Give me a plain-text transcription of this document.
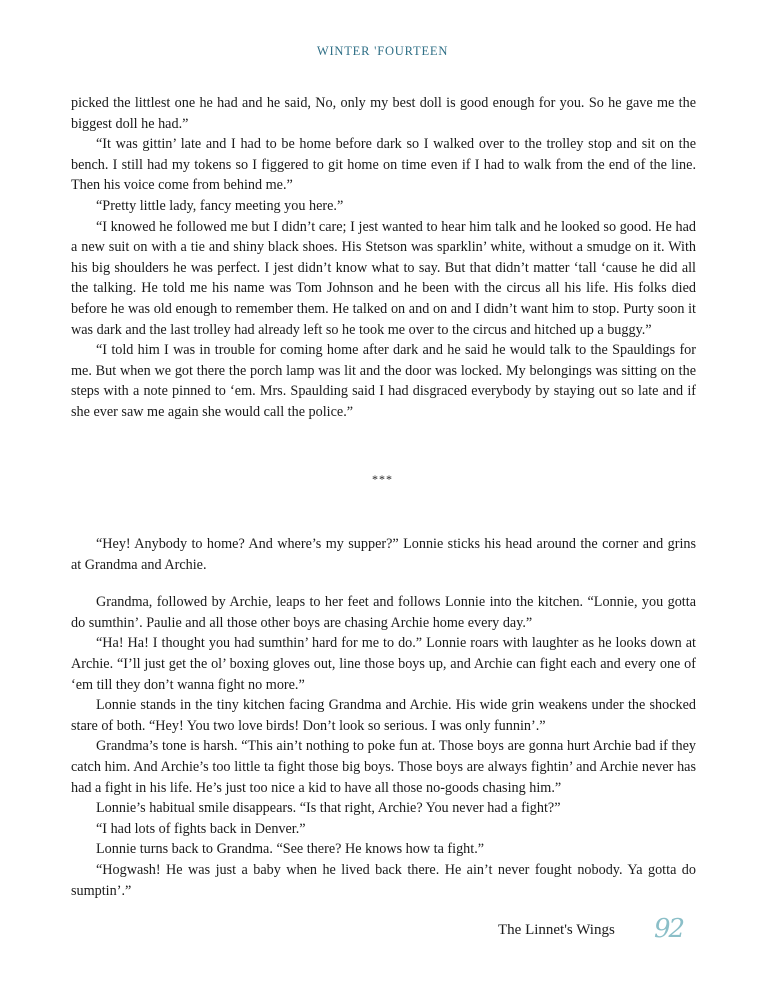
WINTER 'FOURTEEN

picked the littlest one he had and he said, No, only my best doll is good enough for you. So he gave me the biggest doll he had.”

“It was gittin’ late and I had to be home before dark so I walked over to the trolley stop and sit on the bench. I still had my tokens so I figgered to git home on time even if I had to walk from the end of the line. Then his voice come from behind me.”

“Pretty little lady, fancy meeting you here.”

“I knowed he followed me but I didn’t care; I jest wanted to hear him talk and he looked so good. He had a new suit on with a tie and shiny black shoes. His Stetson was sparklin’ white, without a smudge on it. With his big shoulders he was perfect. I jest didn’t know what to say. But that didn’t matter ‘tall ‘cause he did all the talking. He told me his name was Tom Johnson and he been with the circus all his life. His folks died before he was old enough to remember them. He talked on and on and I didn’t want him to stop. Purty soon it was dark and the last trolley had already left so he took me over to the circus and hitched up a buggy.”

“I told him I was in trouble for coming home after dark and he said he would talk to the Spauldings for me. But when we got there the porch lamp was lit and the door was locked. My belongings was sitting on the steps with a note pinned to ‘em. Mrs. Spaulding said I had disgraced everybody by staying out so late and if she ever saw me again she would call the police.”

***

“Hey! Anybody to home? And where’s my supper?” Lonnie sticks his head around the corner and grins at Grandma and Archie.

Grandma, followed by Archie, leaps to her feet and follows Lonnie into the kitchen. “Lonnie, you gotta do sumthin’. Paulie and all those other boys are chasing Archie home every day.”

“Ha! Ha! I thought you had sumthin’ hard for me to do.” Lonnie roars with laughter as he looks down at Archie. “I’ll just get the ol’ boxing gloves out, line those boys up, and Archie can fight each and every one of ‘em till they don’t wanna fight no more.”

Lonnie stands in the tiny kitchen facing Grandma and Archie. His wide grin weakens under the shocked stare of both. “Hey! You two love birds! Don’t look so serious. I was only funnin’.”

Grandma’s tone is harsh. “This ain’t nothing to poke fun at. Those boys are gonna hurt Archie bad if they catch him. And Archie’s too little ta fight those big boys. Those boys are always fightin’ and Archie never has had a fight in his life. He’s just too nice a kid to have all those no-goods chasing him.”

Lonnie’s habitual smile disappears. “Is that right, Archie? You never had a fight?”

“I had lots of fights back in Denver.”

Lonnie turns back to Grandma. “See there? He knows how ta fight.”

“Hogwash! He was just a baby when he lived back there. He ain’t never fought nobody. Ya gotta do sumptin’.”

The Linnet's Wings 92
